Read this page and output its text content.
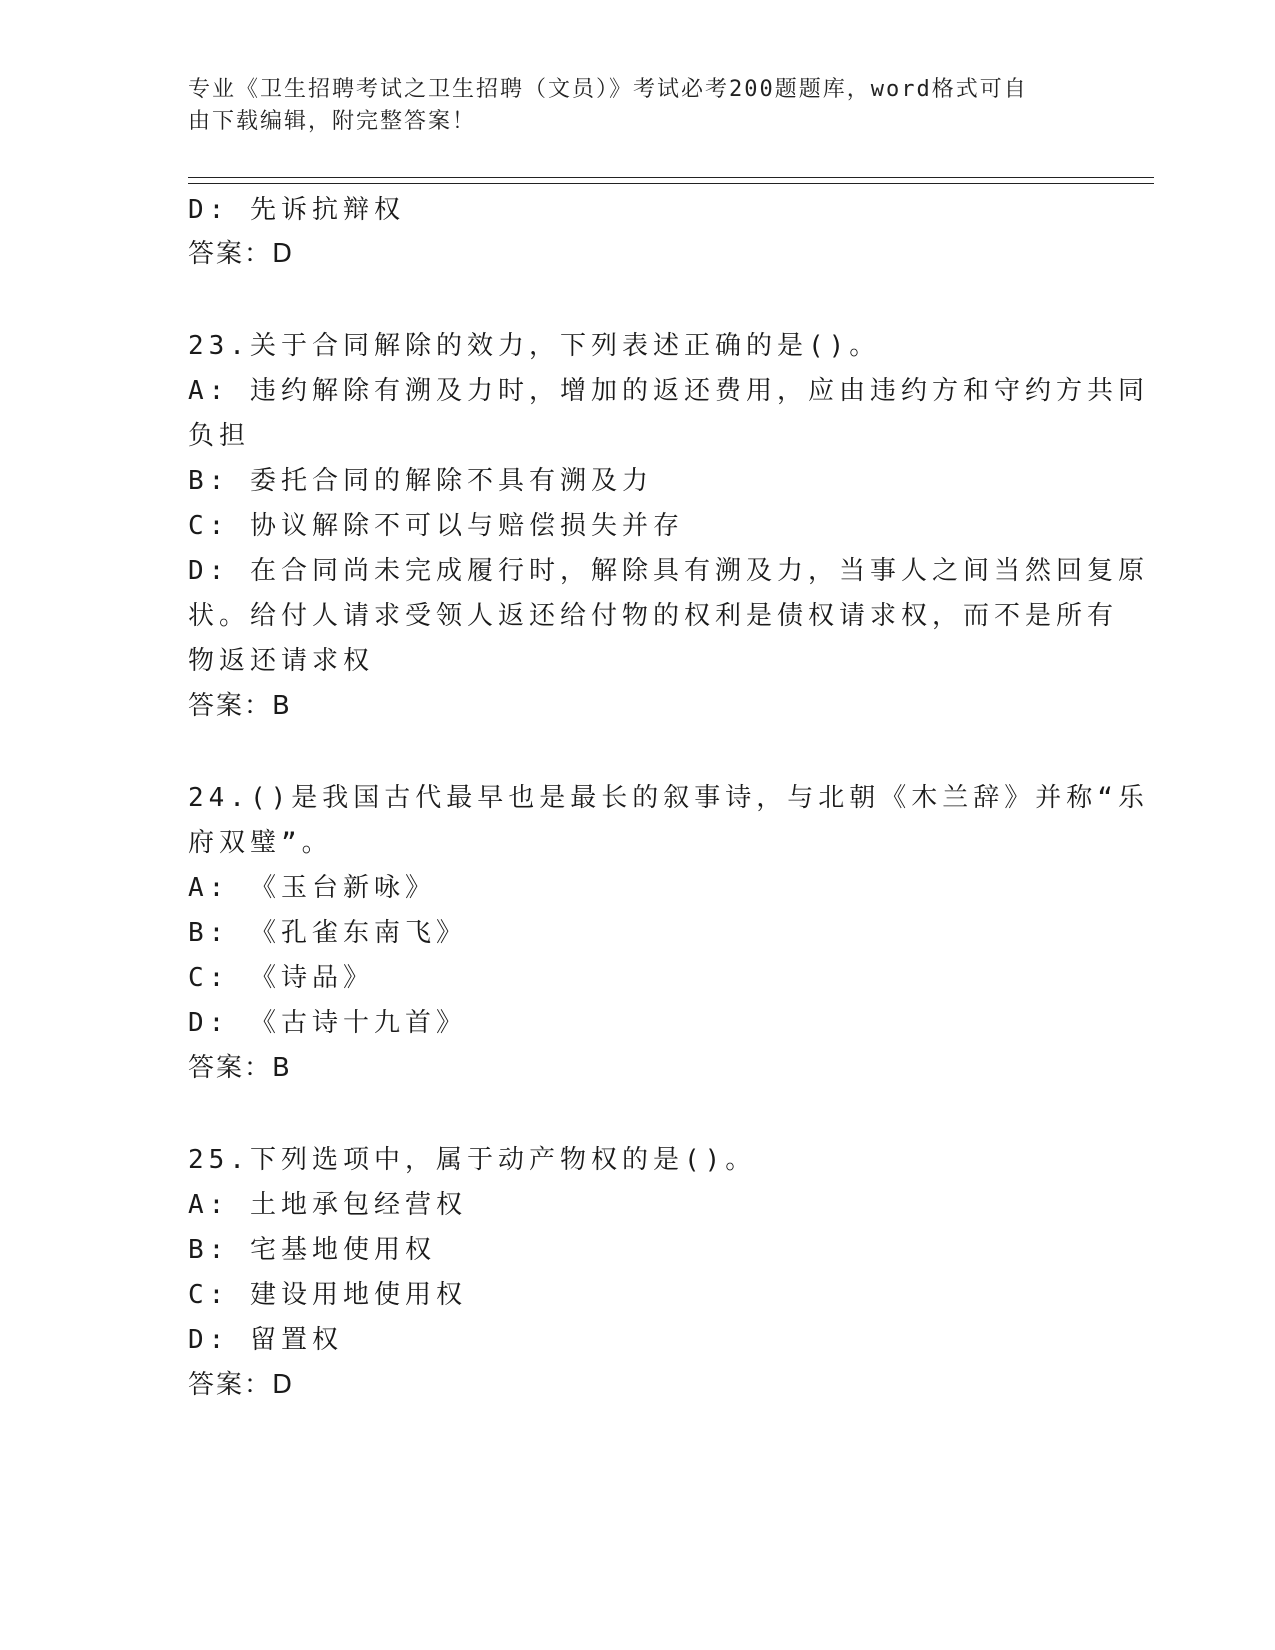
专业《卫生招聘考试之卫生招聘（文员）》考试必考200题题库，word格式可自
由下载编辑，附完整答案！
D: 先诉抗辩权
答案：D
23.关于合同解除的效力，下列表述正确的是()。
A: 违约解除有溯及力时，增加的返还费用，应由违约方和守约方共同
负担
B: 委托合同的解除不具有溯及力
C: 协议解除不可以与赔偿损失并存
D: 在合同尚未完成履行时，解除具有溯及力，当事人之间当然回复原
状。给付人请求受领人返还给付物的权利是债权请求权，而不是所有
物返还请求权
答案：B
24.()是我国古代最早也是最长的叙事诗，与北朝《木兰辞》并称“乐
府双璧”。
A: 《玉台新咏》
B: 《孔雀东南飞》
C: 《诗品》
D: 《古诗十九首》
答案：B
25.下列选项中，属于动产物权的是()。
A: 土地承包经营权
B: 宅基地使用权
C: 建设用地使用权
D: 留置权
答案：D
